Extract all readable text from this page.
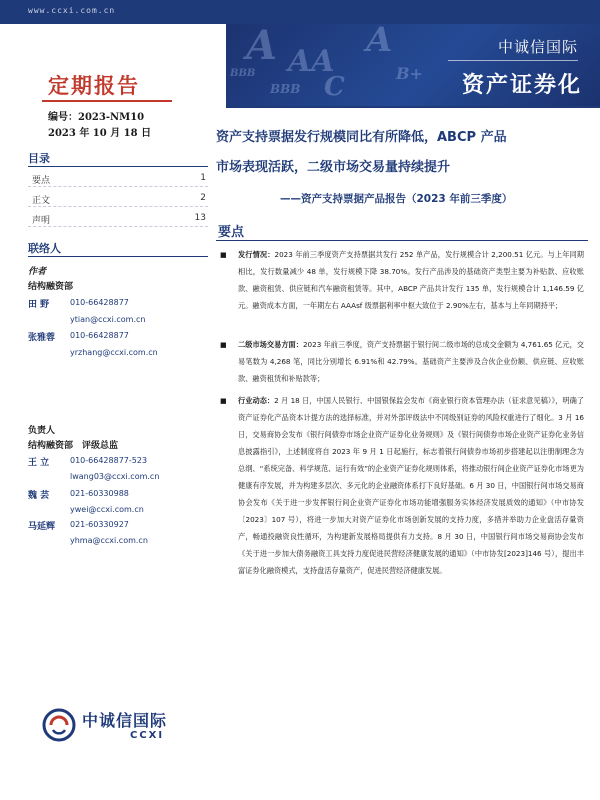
www.ccxi.com.cn
A AA
BBB
A
BBB C	B+
中诚信国际
资产证券化
定期报告
编号：2023-NM10
2023 年 10 月 18 日
目录
要点	1
正文	2
声明	13
联络人
作者
结构融资部
田 野	010-66428877
ytian@ccxi.com.cn
张雅蓉 010-66428877
yrzhang@ccxi.com.cn
负责人
结构融资部　评级总监
王 立	010-66428877-523
lwang03@ccxi.com.cn
魏 芸	021-60330988
ywei@ccxi.com.cn
马延辉 021-60330927
yhma@ccxi.com.cn
中诚信国际
CCXI
资产支持票据发行规模同比有所降低，ABCP 产品
市场表现活跃，二级市场交易量持续提升
——资产支持票据产品报告（2023 年前三季度）
要点
■ 发行情况：2023 年前三季度资产支持票据共发行 252 单产品，发行规模合计 2,200.51 亿元。与上年同期相比，发行数量减少 48 单，发行规模下降 38.70%。发行产品涉及的基础资产类型主要为补贴款、应收账款、融资租赁、供应链和汽车融资租赁等。其中，ABCP 产品共计发行 135 单，发行规模合计 1,146.59 亿元。融资成本方面，一年期左右 AAAsf 级票据利率中枢大致位于 2.90%左右，基本与上年同期持平；
■ 二级市场交易方面：2023 年前三季度，资产支持票据于银行间二级市场的总成交金额为 4,761.65 亿元，交易笔数为 4,268 笔，同比分别增长 6.91%和 42.79%。基础资产主要涉及合伙企业份额、供应链、应收账款、融资租赁和补贴款等；
■ 行业动态：2 月 18 日，中国人民银行、中国银保监会发布《商业银行资本管理办法（征求意见稿）》，明确了资产证券化产品资本计提方法的选择标准，并对外部评级法中不同级别证券的风险权重进行了细化。3 月 16 日，交易商协会发布《银行间债券市场企业资产证券化业务规则》及《银行间债券市场企业资产证券化业务信息披露指引》，上述制度将自 2023 年 9 月 1 日起施行，标志着银行间债券市场初步搭建起以注册制理念为总纲、“系统完备、科学规范、运行有效”的企业资产证券化规则体系，将推动银行间企业资产证券化市场更为健康有序发展，并为构建多层次、多元化的企业融资体系打下良好基础。6 月 30 日，中国银行间市场交易商协会发布《关于进一步发挥银行间企业资产证券化市场功能增强服务实体经济发展质效的通知》（中市协发〔2023〕107 号），将进一步加大对资产证券化市场创新发展的支持力度，多措并举助力企业盘活存量资产，畅通投融资良性循环，为构建新发展格局提供有力支持。8 月 30 日，中国银行间市场交易商协会发布《关于进一步加大债务融资工具支持力度促进民营经济健康发展的通知》（中市协发[2023]146 号），提出丰富证券化融资模式，支持盘活存量资产，促进民营经济健康发展。
